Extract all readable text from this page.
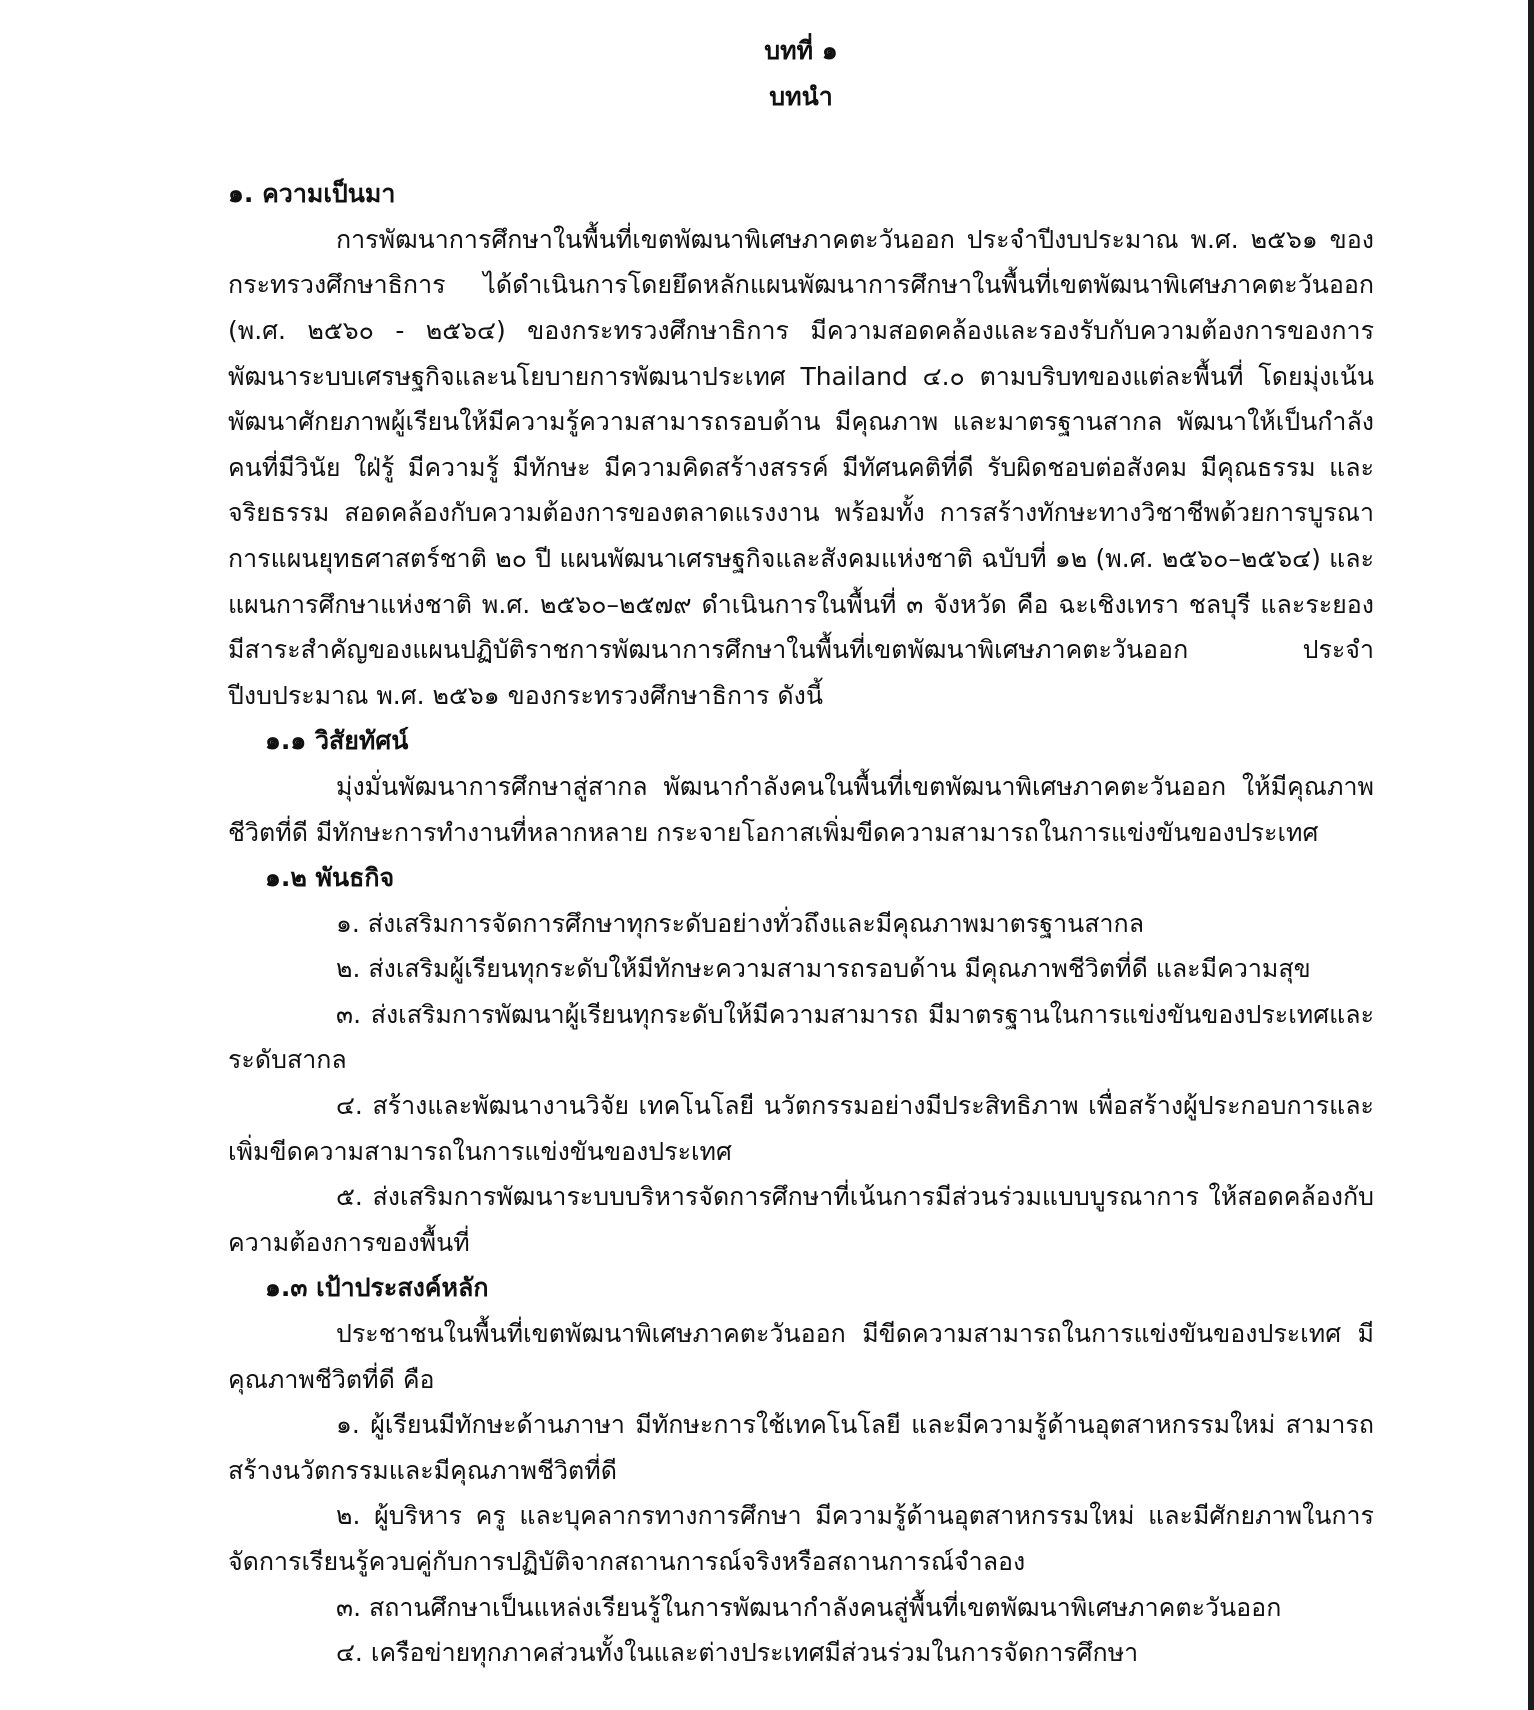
บทที่ ๑

บทนำ

๑. ความเป็นมา

การพัฒนาการศึกษาในพื้นที่เขตพัฒนาพิเศษภาคตะวันออก ประจำปีงบประมาณ พ.ศ. ๒๕๖๑ ของกระทรวงศึกษาธิการ ได้ดำเนินการโดยยึดหลักแผนพัฒนาการศึกษาในพื้นที่เขตพัฒนาพิเศษภาคตะวันออก (พ.ศ. ๒๕๖๐ - ๒๕๖๔) ของกระทรวงศึกษาธิการ มีความสอดคล้องและรองรับกับความต้องการของการพัฒนาระบบเศรษฐกิจและนโยบายการพัฒนาประเทศ Thailand ๔.๐ ตามบริบทของแต่ละพื้นที่ โดยมุ่งเน้นพัฒนาศักยภาพผู้เรียนให้มีความรู้ความสามารถรอบด้าน มีคุณภาพ และมาตรฐานสากล พัฒนาให้เป็นกำลังคนที่มีวินัย ใฝ่รู้ มีความรู้ มีทักษะ มีความคิดสร้างสรรค์ มีทัศนคติที่ดี รับผิดชอบต่อสังคม มีคุณธรรม และจริยธรรม สอดคล้องกับความต้องการของตลาดแรงงาน พร้อมทั้ง การสร้างทักษะทางวิชาชีพด้วยการบูรณาการแผนยุทธศาสตร์ชาติ ๒๐ ปี แผนพัฒนาเศรษฐกิจและสังคมแห่งชาติ ฉบับที่ ๑๒ (พ.ศ. ๒๕๖๐–๒๕๖๔) และแผนการศึกษาแห่งชาติ พ.ศ. ๒๕๖๐–๒๕๗๙ ดำเนินการในพื้นที่ ๓ จังหวัด คือ ฉะเชิงเทรา ชลบุรี และระยอง มีสาระสำคัญของแผนปฏิบัติราชการพัฒนาการศึกษาในพื้นที่เขตพัฒนาพิเศษภาคตะวันออก ประจำปีงบประมาณ พ.ศ. ๒๕๖๑ ของกระทรวงศึกษาธิการ ดังนี้

๑.๑ วิสัยทัศน์

มุ่งมั่นพัฒนาการศึกษาสู่สากล พัฒนากำลังคนในพื้นที่เขตพัฒนาพิเศษภาคตะวันออก ให้มีคุณภาพชีวิตที่ดี มีทักษะการทำงานที่หลากหลาย กระจายโอกาสเพิ่มขีดความสามารถในการแข่งขันของประเทศ

๑.๒ พันธกิจ

๑. ส่งเสริมการจัดการศึกษาทุกระดับอย่างทั่วถึงและมีคุณภาพมาตรฐานสากล

๒. ส่งเสริมผู้เรียนทุกระดับให้มีทักษะความสามารถรอบด้าน มีคุณภาพชีวิตที่ดี และมีความสุข

๓. ส่งเสริมการพัฒนาผู้เรียนทุกระดับให้มีความสามารถ มีมาตรฐานในการแข่งขันของประเทศและระดับสากล

๔. สร้างและพัฒนางานวิจัย เทคโนโลยี นวัตกรรมอย่างมีประสิทธิภาพ เพื่อสร้างผู้ประกอบการและเพิ่มขีดความสามารถในการแข่งขันของประเทศ

๕. ส่งเสริมการพัฒนาระบบบริหารจัดการศึกษาที่เน้นการมีส่วนร่วมแบบบูรณาการ ให้สอดคล้องกับความต้องการของพื้นที่

๑.๓ เป้าประสงค์หลัก

ประชาชนในพื้นที่เขตพัฒนาพิเศษภาคตะวันออก มีขีดความสามารถในการแข่งขันของประเทศ มีคุณภาพชีวิตที่ดี คือ

๑. ผู้เรียนมีทักษะด้านภาษา มีทักษะการใช้เทคโนโลยี และมีความรู้ด้านอุตสาหกรรมใหม่ สามารถสร้างนวัตกรรมและมีคุณภาพชีวิตที่ดี

๒. ผู้บริหาร ครู และบุคลากรทางการศึกษา มีความรู้ด้านอุตสาหกรรมใหม่ และมีศักยภาพในการจัดการเรียนรู้ควบคู่กับการปฏิบัติจากสถานการณ์จริงหรือสถานการณ์จำลอง

๓. สถานศึกษาเป็นแหล่งเรียนรู้ในการพัฒนากำลังคนสู่พื้นที่เขตพัฒนาพิเศษภาคตะวันออก

๔. เครือข่ายทุกภาคส่วนทั้งในและต่างประเทศมีส่วนร่วมในการจัดการศึกษา
